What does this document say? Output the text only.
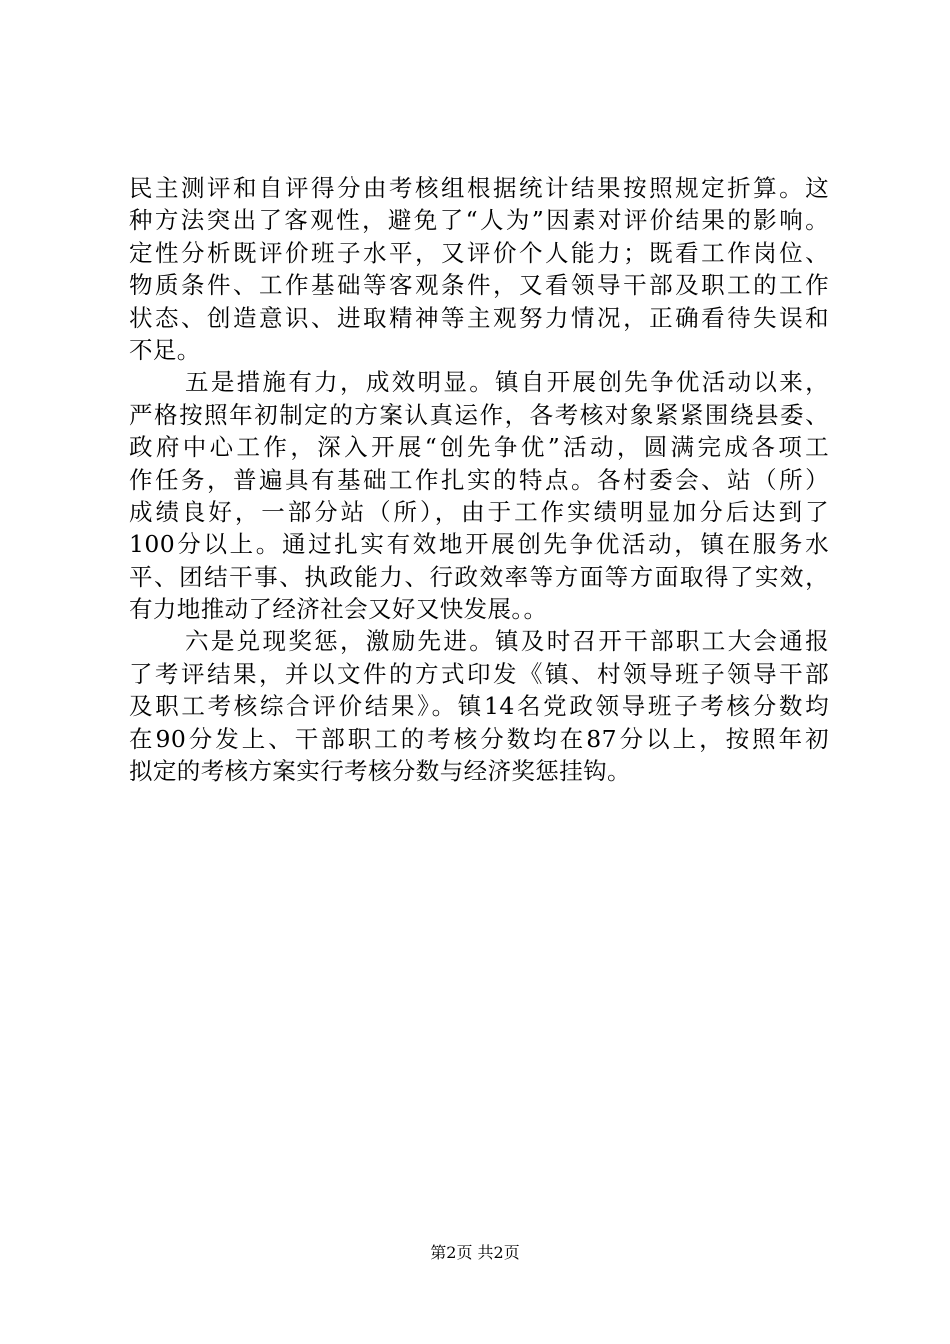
民主测评和自评得分由考核组根据统计结果按照规定折算。这
种方法突出了客观性，避免了“人为”因素对评价结果的影响。
定性分析既评价班子水平，又评价个人能力；既看工作岗位、
物质条件、工作基础等客观条件，又看领导干部及职工的工作
状态、创造意识、进取精神等主观努力情况，正确看待失误和
不足。
五是措施有力，成效明显。镇自开展创先争优活动以来，
严格按照年初制定的方案认真运作，各考核对象紧紧围绕县委、
政府中心工作，深入开展“创先争优”活动，圆满完成各项工
作任务，普遍具有基础工作扎实的特点。各村委会、站（所）
成绩良好，一部分站（所），由于工作实绩明显加分后达到了
100分以上。通过扎实有效地开展创先争优活动，镇在服务水
平、团结干事、执政能力、行政效率等方面等方面取得了实效，
有力地推动了经济社会又好又快发展。。
六是兑现奖惩，激励先进。镇及时召开干部职工大会通报
了考评结果，并以文件的方式印发《镇、村领导班子领导干部
及职工考核综合评价结果》。镇14名党政领导班子考核分数均
在90分发上、干部职工的考核分数均在87分以上，按照年初
拟定的考核方案实行考核分数与经济奖惩挂钩。
第2页 共2页
